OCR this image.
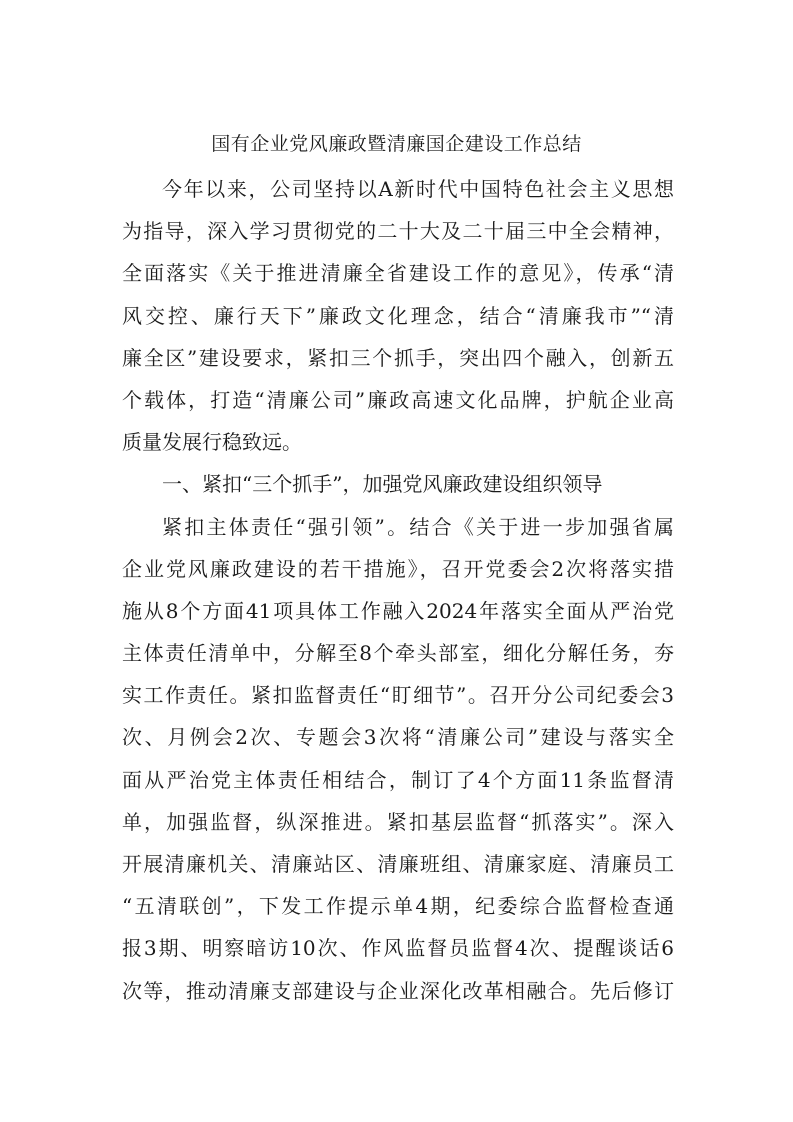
国有企业党风廉政暨清廉国企建设工作总结
今年以来，公司坚持以A新时代中国特色社会主义思想
为指导，深入学习贯彻党的二十大及二十届三中全会精神，
全面落实《关于推进清廉全省建设工作的意见》，传承“清
风交控、廉行天下”廉政文化理念，结合“清廉我市”“清
廉全区”建设要求，紧扣三个抓手，突出四个融入，创新五
个载体，打造“清廉公司”廉政高速文化品牌，护航企业高
质量发展行稳致远。
一、紧扣“三个抓手”，加强党风廉政建设组织领导
紧扣主体责任“强引领”。结合《关于进一步加强省属
企业党风廉政建设的若干措施》，召开党委会2次将落实措
施从8个方面41项具体工作融入2024年落实全面从严治党
主体责任清单中，分解至8个牵头部室，细化分解任务，夯
实工作责任。紧扣监督责任“盯细节”。召开分公司纪委会3
次、月例会2次、专题会3次将“清廉公司”建设与落实全
面从严治党主体责任相结合，制订了4个方面11条监督清
单，加强监督，纵深推进。紧扣基层监督“抓落实”。深入
开展清廉机关、清廉站区、清廉班组、清廉家庭、清廉员工
“五清联创”，下发工作提示单4期，纪委综合监督检查通
报3期、明察暗访10次、作风监督员监督4次、提醒谈话6
次等，推动清廉支部建设与企业深化改革相融合。先后修订
